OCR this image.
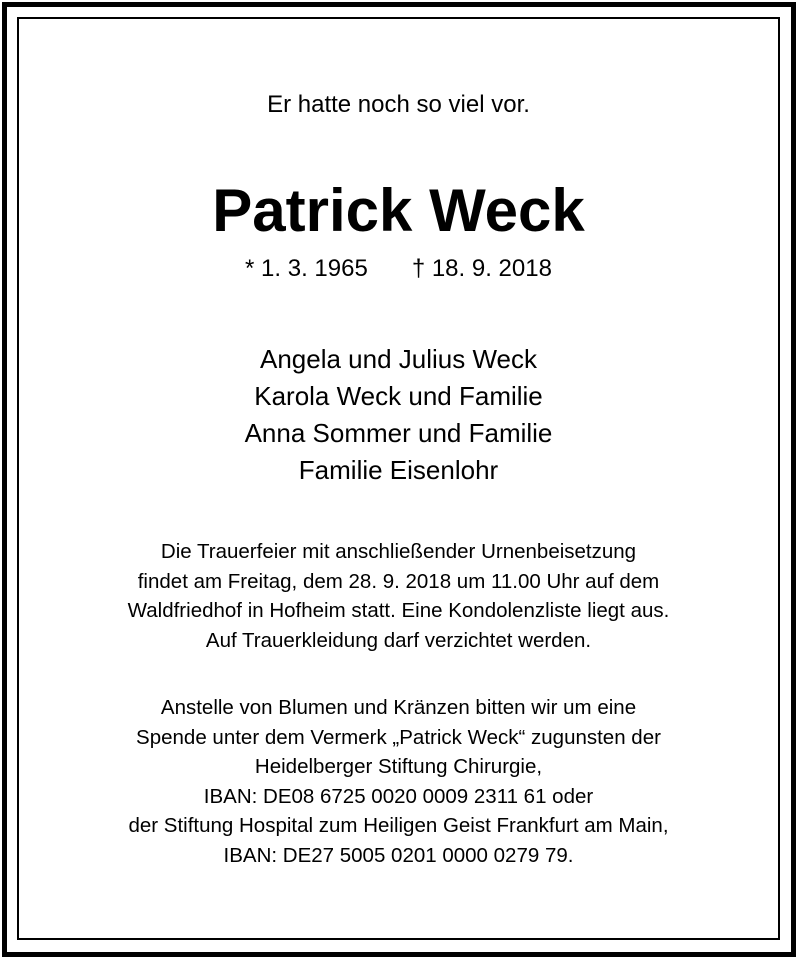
Er hatte noch so viel vor.
Patrick Weck
* 1. 3. 1965 † 18. 9. 2018
Angela und Julius Weck
Karola Weck und Familie
Anna Sommer und Familie
Familie Eisenlohr
Die Trauerfeier mit anschließender Urnenbeisetzung
findet am Freitag, dem 28. 9. 2018 um 11.00 Uhr auf dem
Waldfriedhof in Hofheim statt. Eine Kondolenzliste liegt aus.
Auf Trauerkleidung darf verzichtet werden.
Anstelle von Blumen und Kränzen bitten wir um eine
Spende unter dem Vermerk „Patrick Weck“ zugunsten der
Heidelberger Stiftung Chirurgie,
IBAN: DE08 6725 0020 0009 2311 61 oder
der Stiftung Hospital zum Heiligen Geist Frankfurt am Main,
IBAN: DE27 5005 0201 0000 0279 79.
